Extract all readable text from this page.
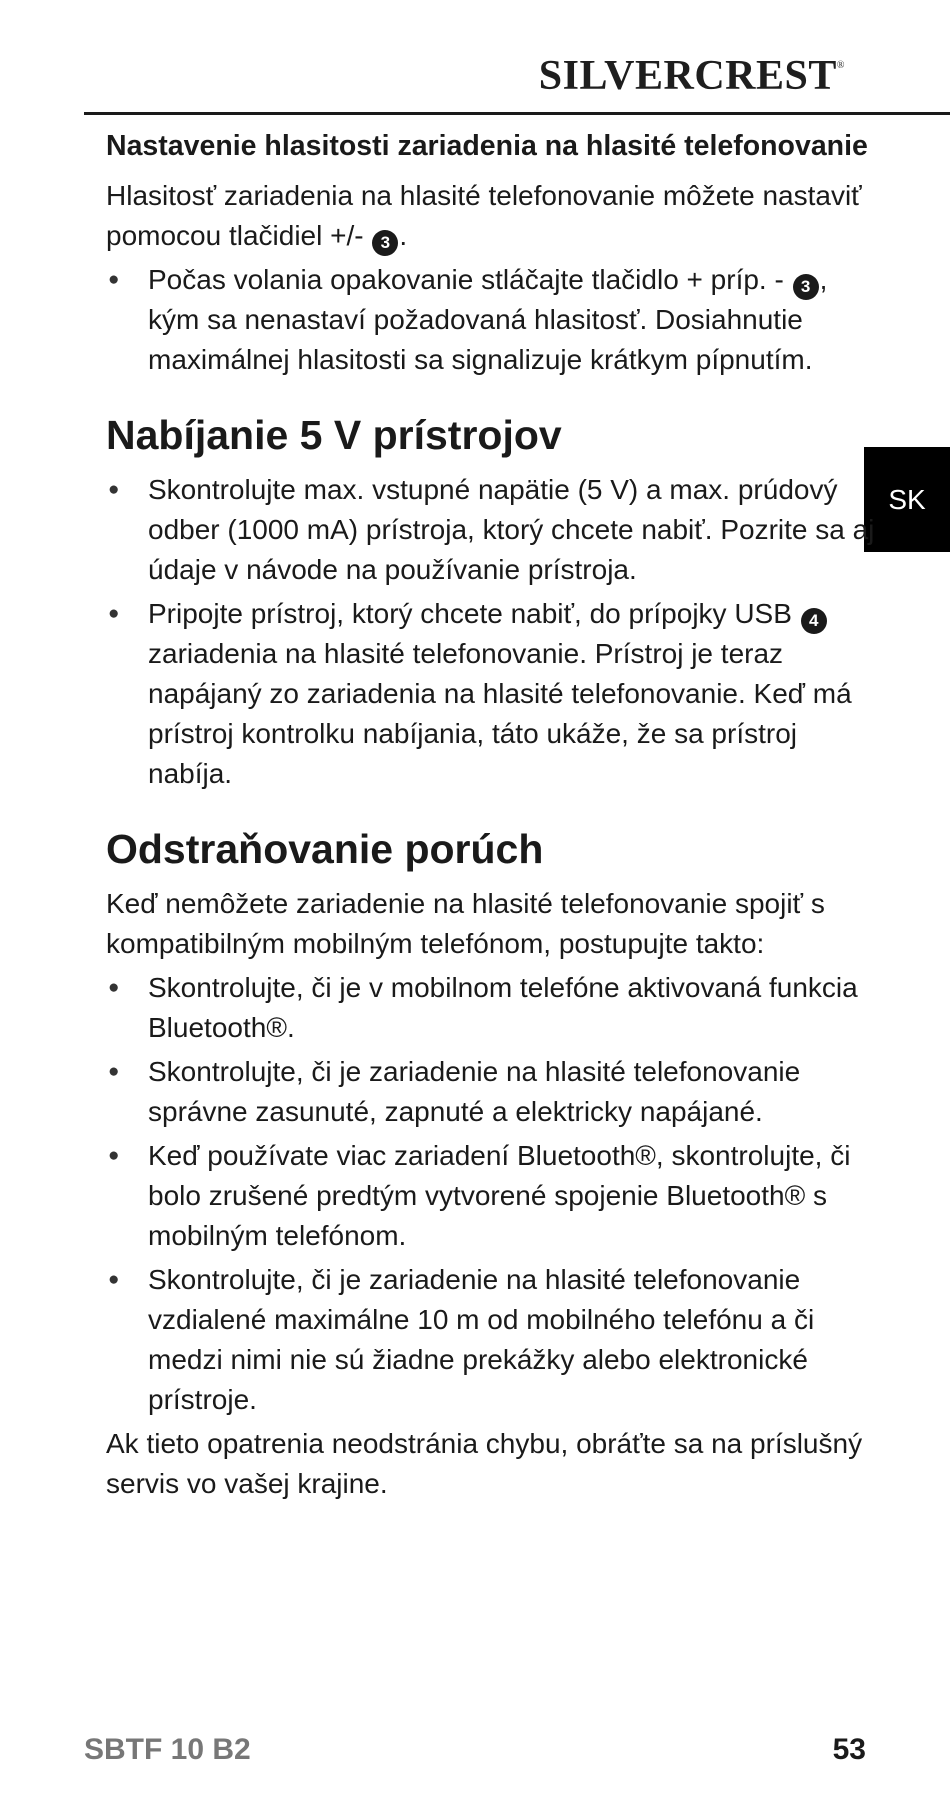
SILVERCREST®
SK
Nastavenie hlasitosti zariadenia na hlasité telefonovanie

Hlasitosť zariadenia na hlasité telefonovanie môžete nastaviť pomocou tlačidiel +/- 3 .

● Počas volania opakovanie stláčajte tlačidlo + príp. - 3 , kým sa nenastaví požadovaná hlasitosť. Dosiahnutie maximálnej hlasitosti sa signalizuje krátkym pípnutím.
Nabíjanie 5 V prístrojov
● Skontrolujte max. vstupné napätie (5 V) a max. prúdový odber (1000 mA) prístroja, ktorý chcete nabiť. Pozrite sa aj údaje v návode na používanie prístroja.
● Pripojte prístroj, ktorý chcete nabiť, do prípojky USB 4 zariadenia na hlasité telefonovanie. Prístroj je teraz napájaný zo zariadenia na hlasité telefonovanie. Keď má prístroj kontrolku nabíjania, táto ukáže, že sa prístroj nabíja.
Odstraňovanie porúch

Keď nemôžete zariadenie na hlasité telefonovanie spojiť s kompatibilným mobilným telefónom, postupujte takto:

● Skontrolujte, či je v mobilnom telefóne aktivovaná funkcia Bluetooth®.
● Skontrolujte, či je zariadenie na hlasité telefonovanie správne zasunuté, zapnuté a elektricky napájané.
● Keď používate viac zariadení Bluetooth®, skontrolujte, či bolo zrušené predtým vytvorené spojenie Bluetooth® s mobilným telefónom.
● Skontrolujte, či je zariadenie na hlasité telefonovanie vzdialené maximálne 10 m od mobilného telefónu a či medzi nimi nie sú žiadne prekážky alebo elektronické prístroje.

Ak tieto opatrenia neodstránia chybu, obráťte sa na príslušný servis vo vašej krajine.

SBTF 10 B2	53
